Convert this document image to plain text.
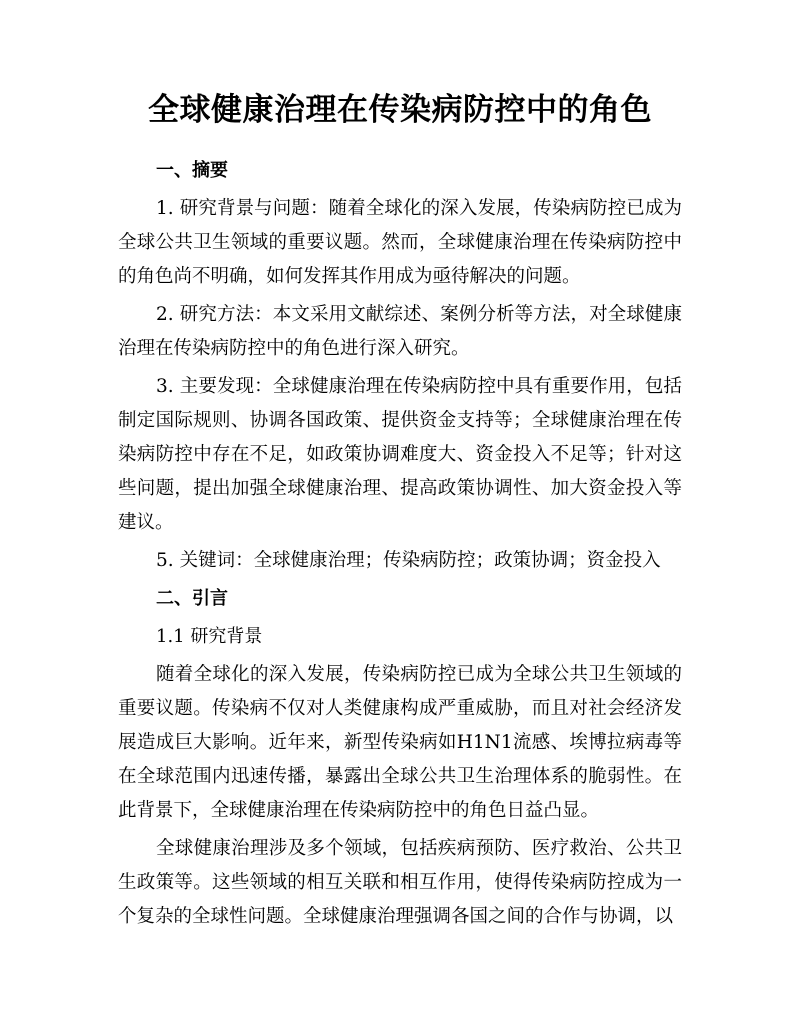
全球健康治理在传染病防控中的角色
一、摘要

1. 研究背景与问题：随着全球化的深入发展，传染病防控已成为全球公共卫生领域的重要议题。然而，全球健康治理在传染病防控中的角色尚不明确，如何发挥其作用成为亟待解决的问题。

2. 研究方法：本文采用文献综述、案例分析等方法，对全球健康治理在传染病防控中的角色进行深入研究。

3. 主要发现：全球健康治理在传染病防控中具有重要作用，包括制定国际规则、协调各国政策、提供资金支持等；全球健康治理在传染病防控中存在不足，如政策协调难度大、资金投入不足等；针对这些问题，提出加强全球健康治理、提高政策协调性、加大资金投入等建议。

5. 关键词：全球健康治理；传染病防控；政策协调；资金投入

二、引言
1.1 研究背景

随着全球化的深入发展，传染病防控已成为全球公共卫生领域的重要议题。传染病不仅对人类健康构成严重威胁，而且对社会经济发展造成巨大影响。近年来，新型传染病如H1N1流感、埃博拉病毒等在全球范围内迅速传播，暴露出全球公共卫生治理体系的脆弱性。在此背景下，全球健康治理在传染病防控中的角色日益凸显。

全球健康治理涉及多个领域，包括疾病预防、医疗救治、公共卫生政策等。这些领域的相互关联和相互作用，使得传染病防控成为一个复杂的全球性问题。全球健康治理强调各国之间的合作与协调，以
